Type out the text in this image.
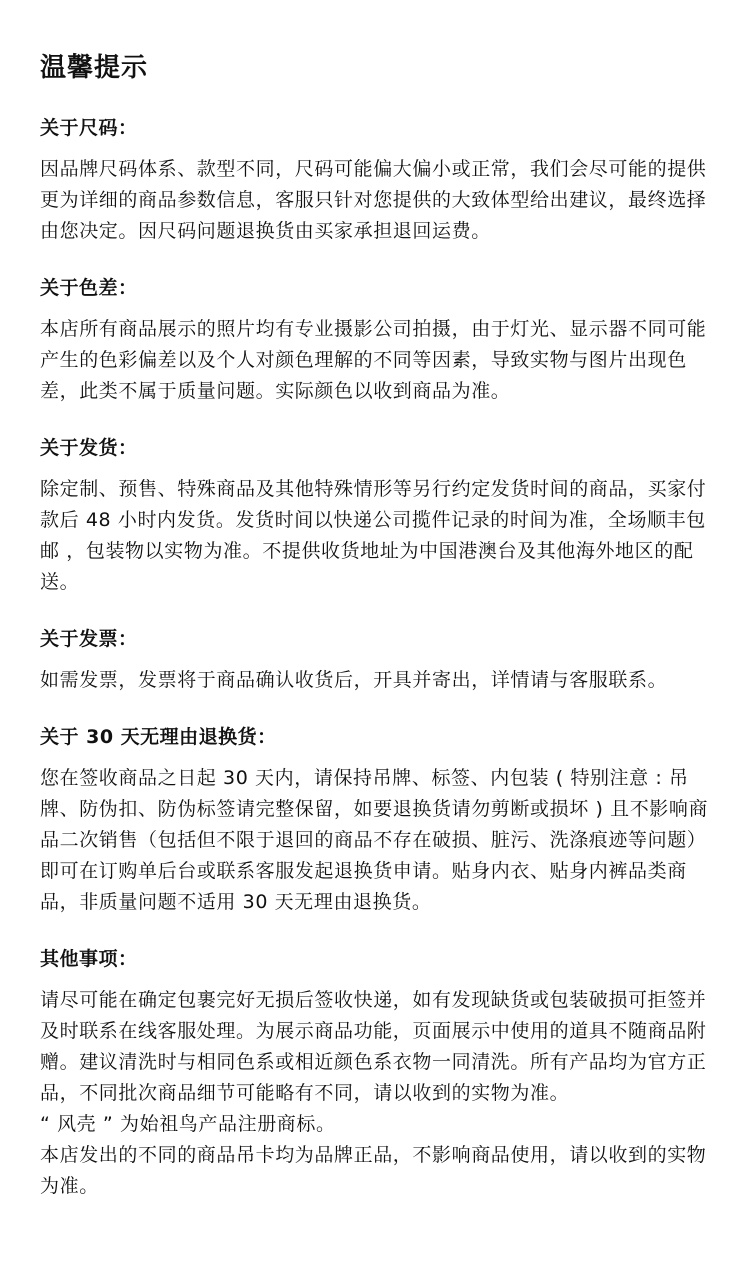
温馨提示
关于尺码：

因品牌尺码体系、款型不同，尺码可能偏大偏小或正常，我们会尽可能的提供更为详细的商品参数信息，客服只针对您提供的大致体型给出建议，最终选择由您决定。因尺码问题退换货由买家承担退回运费。

关于色差：

本店所有商品展示的照片均有专业摄影公司拍摄，由于灯光、显示器不同可能产生的色彩偏差以及个人对颜色理解的不同等因素，导致实物与图片出现色差，此类不属于质量问题。实际颜色以收到商品为准。

关于发货：

除定制、预售、特殊商品及其他特殊情形等另行约定发货时间的商品，买家付款后 48 小时内发货。发货时间以快递公司揽件记录的时间为准，全场顺丰包邮 ，包装物以实物为准。不提供收货地址为中国港澳台及其他海外地区的配送。

关于发票：

如需发票，发票将于商品确认收货后，开具并寄出，详情请与客服联系。

关于 30 天无理由退换货：

您在签收商品之日起 30 天内，请保持吊牌、标签、内包装 ( 特别注意 : 吊牌、防伪扣、防伪标签请完整保留，如要退换货请勿剪断或损坏 ) 且不影响商品二次销售（包括但不限于退回的商品不存在破损、脏污、洗涤痕迹等问题）即可在订购单后台或联系客服发起退换货申请。贴身内衣、贴身内裤品类商品，非质量问题不适用 30 天无理由退换货。

其他事项：
请尽可能在确定包裹完好无损后签收快递，如有发现缺货或包装破损可拒签并及时联系在线客服处理。为展示商品功能，页面展示中使用的道具不随商品附赠。建议清洗时与相同色系或相近颜色系衣物一同清洗。所有产品均为官方正品，不同批次商品细节可能略有不同，请以收到的实物为准。
“ 风壳 ” 为始祖鸟产品注册商标。
本店发出的不同的商品吊卡均为品牌正品，不影响商品使用，请以收到的实物为准。
